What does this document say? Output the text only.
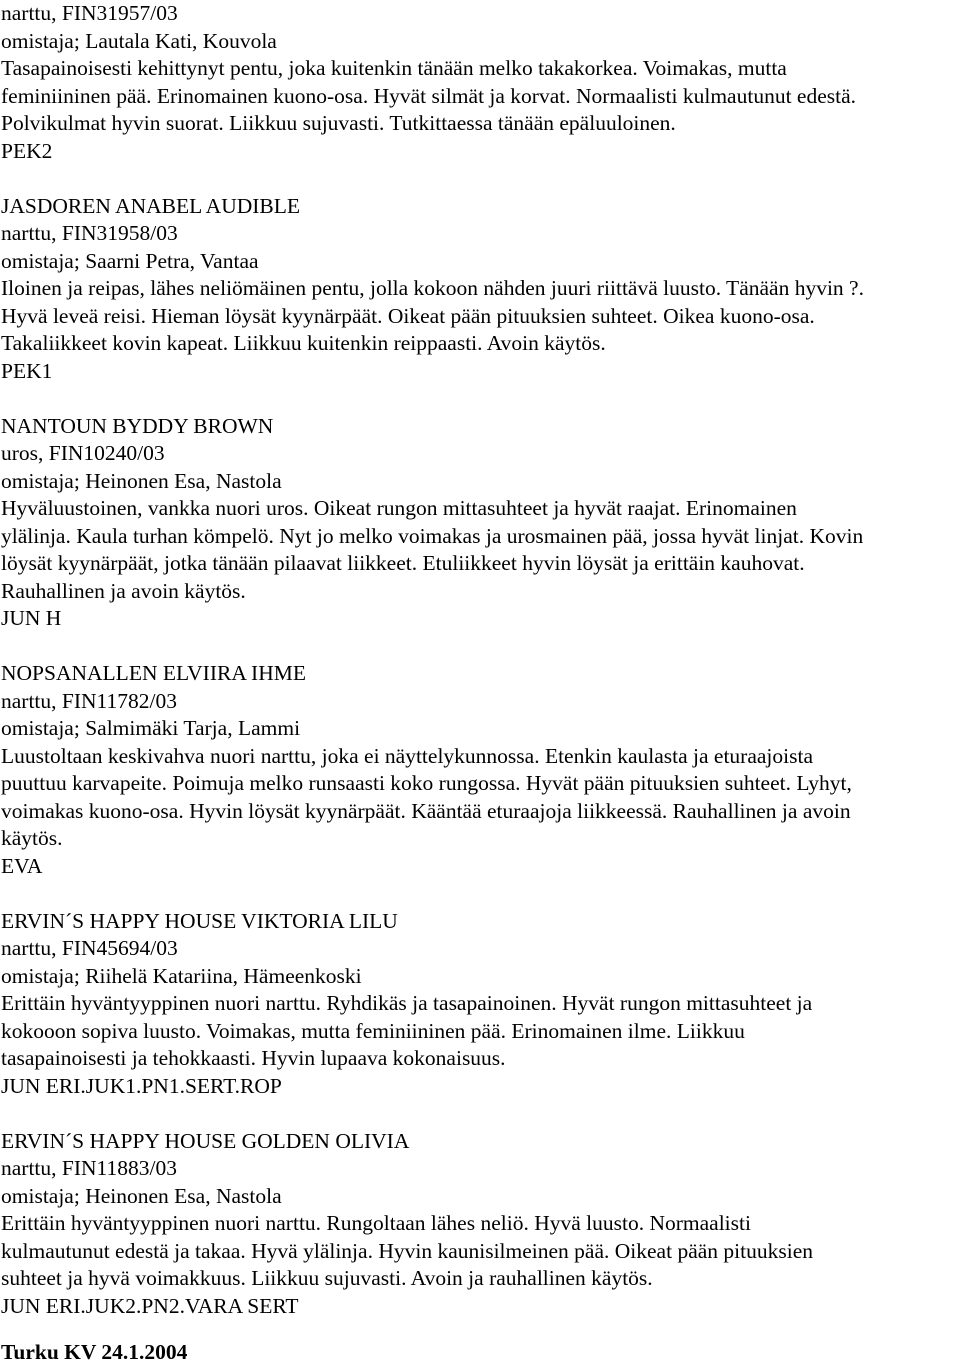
narttu, FIN31957/03
omistaja; Lautala Kati, Kouvola
Tasapainoisesti kehittynyt pentu, joka kuitenkin tänään melko takakorkea. Voimakas, mutta
feminiininen pää. Erinomainen kuono-osa. Hyvät silmät ja korvat. Normaalisti kulmautunut edestä.
Polvikulmat hyvin suorat. Liikkuu sujuvasti. Tutkittaessa tänään epäluuloinen.
PEK2
JASDOREN ANABEL AUDIBLE
narttu, FIN31958/03
omistaja; Saarni Petra, Vantaa
Iloinen ja reipas, lähes neliömäinen pentu, jolla kokoon nähden juuri riittävä luusto. Tänään hyvin ?.
Hyvä leveä reisi. Hieman löysät kyynärpäät. Oikeat pään pituuksien suhteet. Oikea kuono-osa.
Takaliikkeet kovin kapeat. Liikkuu kuitenkin reippaasti. Avoin käytös.
PEK1
NANTOUN BYDDY BROWN
uros, FIN10240/03
omistaja; Heinonen Esa, Nastola
Hyväluustoinen, vankka nuori uros. Oikeat rungon mittasuhteet ja hyvät raajat. Erinomainen
ylälinja. Kaula turhan kömpelö. Nyt jo melko voimakas ja urosmainen pää, jossa hyvät linjat. Kovin
löysät kyynärpäät, jotka tänään pilaavat liikkeet. Etuliikkeet hyvin löysät ja erittäin kauhovat.
Rauhallinen ja avoin käytös.
JUN H
NOPSANALLEN ELVIIRA IHME
narttu, FIN11782/03
omistaja; Salmimäki Tarja, Lammi
Luustoltaan keskivahva nuori narttu, joka ei näyttelykunnossa. Etenkin kaulasta ja eturaajoista
puuttuu karvapeite. Poimuja melko runsaasti koko rungossa. Hyvät pään pituuksien suhteet. Lyhyt,
voimakas kuono-osa. Hyvin löysät kyynärpäät. Kääntää eturaajoja liikkeessä. Rauhallinen ja avoin
käytös.
EVA
ERVIN´S HAPPY HOUSE VIKTORIA LILU
narttu, FIN45694/03
omistaja; Riihelä Katariina, Hämeenkoski
Erittäin hyväntyyppinen nuori narttu. Ryhdikäs ja tasapainoinen. Hyvät rungon mittasuhteet ja
kokooon sopiva luusto. Voimakas, mutta feminiininen pää. Erinomainen ilme. Liikkuu
tasapainoisesti ja tehokkaasti. Hyvin lupaava kokonaisuus.
JUN ERI.JUK1.PN1.SERT.ROP
ERVIN´S HAPPY HOUSE GOLDEN OLIVIA
narttu, FIN11883/03
omistaja; Heinonen Esa, Nastola
Erittäin hyväntyyppinen nuori narttu. Rungoltaan lähes neliö. Hyvä luusto. Normaalisti
kulmautunut edestä ja takaa. Hyvä ylälinja. Hyvin kaunisilmeinen pää. Oikeat pään pituuksien
suhteet ja hyvä voimakkuus. Liikkuu sujuvasti. Avoin ja rauhallinen käytös.
JUN ERI.JUK2.PN2.VARA SERT
Turku KV 24.1.2004
